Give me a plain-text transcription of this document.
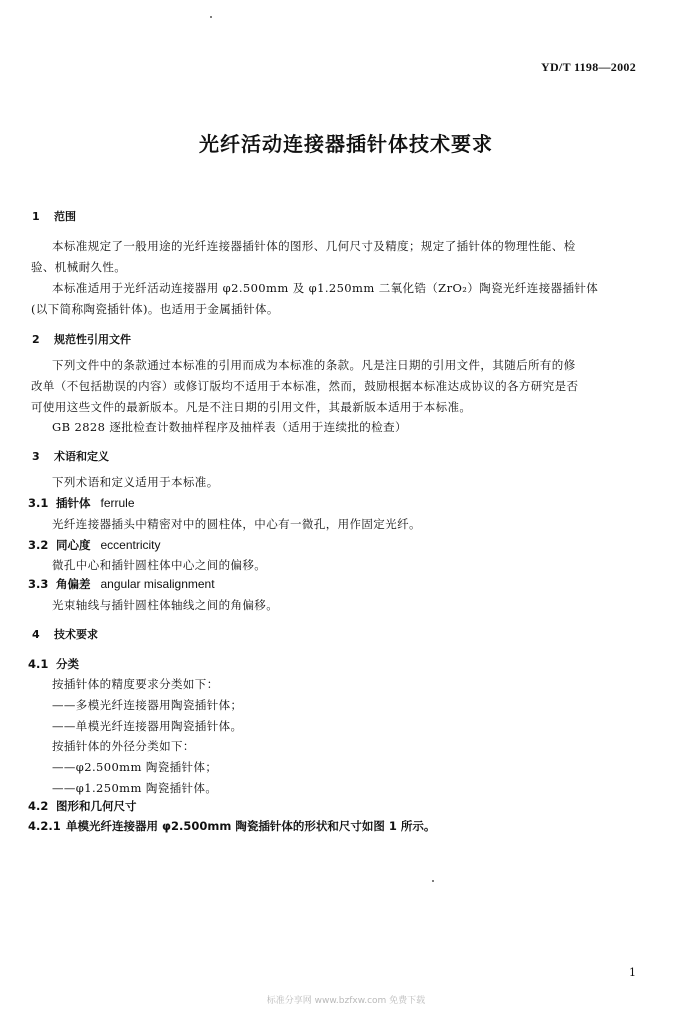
YD/T 1198—2002
光纤活动连接器插针体技术要求
1 范围
本标准规定了一般用途的光纤连接器插针体的图形、几何尺寸及精度；规定了插针体的物理性能、检
验、机械耐久性。
本标准适用于光纤活动连接器用 φ2.500mm 及 φ1.250mm 二氧化锆（ZrO₂）陶瓷光纤连接器插针体
(以下简称陶瓷插针体)。也适用于金属插针体。
2 规范性引用文件
下列文件中的条款通过本标准的引用而成为本标准的条款。凡是注日期的引用文件，其随后所有的修
改单（不包括勘误的内容）或修订版均不适用于本标准，然而，鼓励根据本标准达成协议的各方研究是否
可使用这些文件的最新版本。凡是不注日期的引用文件，其最新版本适用于本标准。
GB 2828 逐批检查计数抽样程序及抽样表（适用于连续批的检查）
3 术语和定义
下列术语和定义适用于本标准。
3.1 插针体 ferrule
光纤连接器插头中精密对中的圆柱体，中心有一微孔，用作固定光纤。
3.2 同心度 eccentricity
微孔中心和插针圆柱体中心之间的偏移。
3.3 角偏差 angular misalignment
光束轴线与插针圆柱体轴线之间的角偏移。
4 技术要求
4.1 分类
按插针体的精度要求分类如下：
——多模光纤连接器用陶瓷插针体；
——单模光纤连接器用陶瓷插针体。
按插针体的外径分类如下：
——φ2.500mm 陶瓷插针体；
——φ1.250mm 陶瓷插针体。
4.2 图形和几何尺寸
4.2.1 单模光纤连接器用 φ2.500mm 陶瓷插针体的形状和尺寸如图 1 所示。
1
标准分享网 www.bzfxw.com 免费下载
